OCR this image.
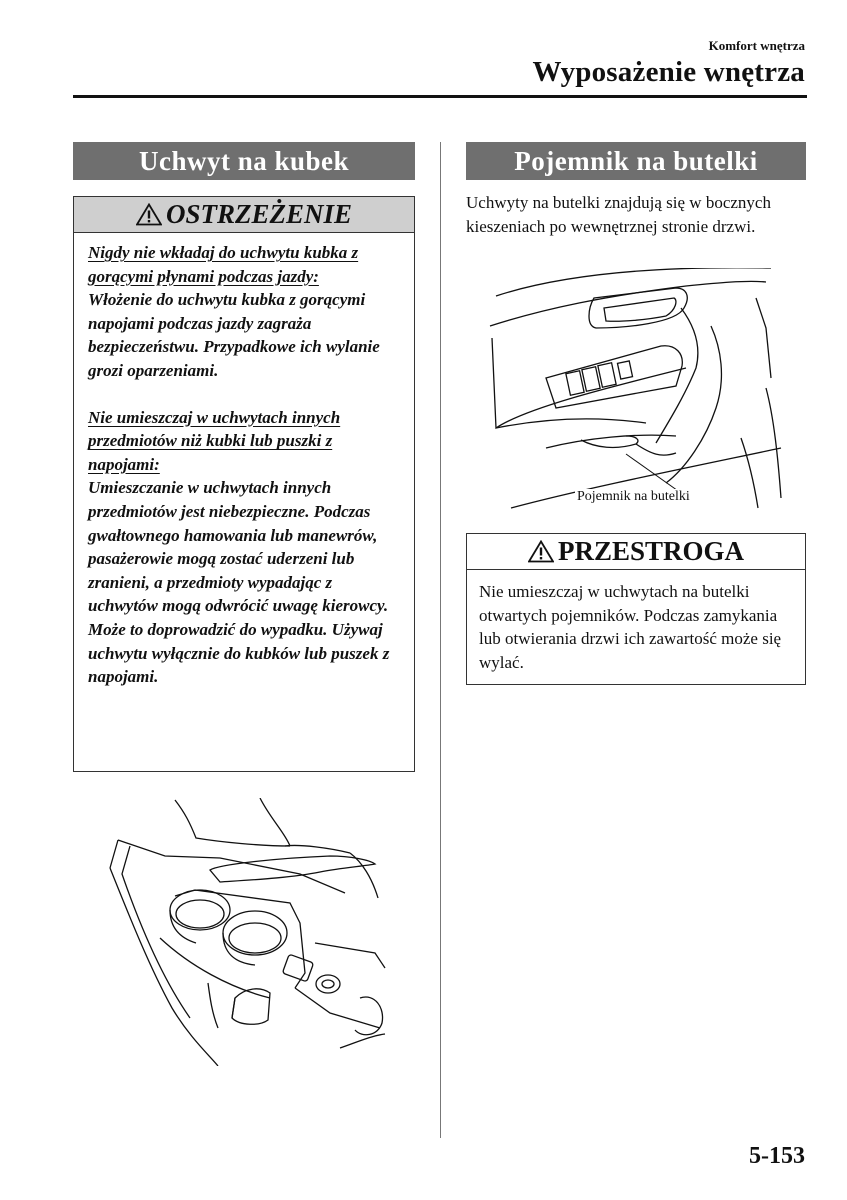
Komfort wnętrza
Wyposażenie wnętrza
Uchwyt na kubek
OSTRZEŻENIE

Nigdy nie wkładaj do uchwytu kubka z gorącymi płynami podczas jazdy:

Włożenie do uchwytu kubka z gorącymi napojami podczas jazdy zagraża bezpieczeństwu. Przypadkowe ich wylanie grozi oparzeniami.

Nie umieszczaj w uchwytach innych przedmiotów niż kubki lub puszki z napojami:

Umieszczanie w uchwytach innych przedmiotów jest niebezpieczne. Podczas gwałtownego hamowania lub manewrów, pasażerowie mogą zostać uderzeni lub zranieni, a przedmioty wypadając z uchwytów mogą odwrócić uwagę kierowcy. Może to doprowadzić do wypadku. Używaj uchwytu wyłącznie do kubków lub puszek z napojami.

Pojemnik na butelki
Uchwyty na butelki znajdują się w bocznych kieszeniach po wewnętrznej stronie drzwi.
Pojemnik na butelki
PRZESTROGA
Nie umieszczaj w uchwytach na butelki otwartych pojemników. Podczas zamykania lub otwierania drzwi ich zawartość może się wylać.
5-153
